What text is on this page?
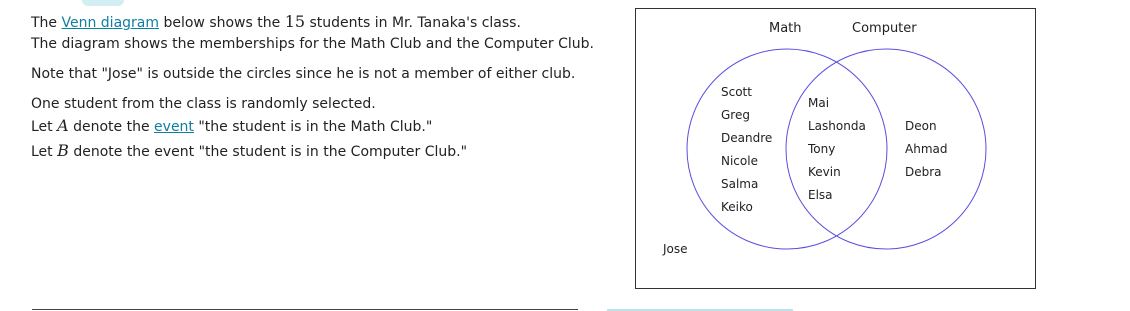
The Venn diagram below shows the 15 students in Mr. Tanaka's class.

The diagram shows the memberships for the Math Club and the Computer Club.

Note that "Jose" is outside the circles since he is not a member of either club.

One student from the class is randomly selected.

Let A denote the event "the student is in the Math Club."

Let B denote the event "the student is in the Computer Club."

Math	Computer
Scott
Greg
Deandre
Nicole
Salma
Keiko
Mai
Lashonda
Tony
Kevin
Elsa
Deon
Ahmad
Debra
Jose
